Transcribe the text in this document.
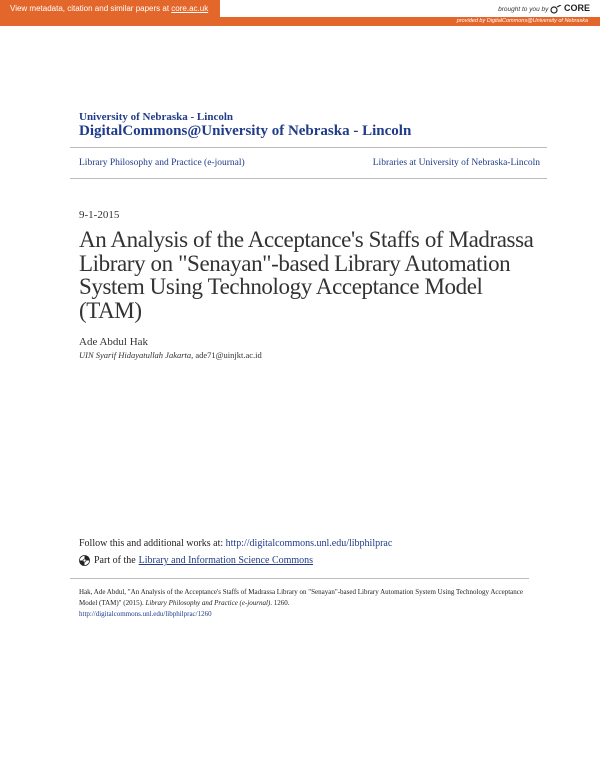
View metadata, citation and similar papers at core.ac.uk	brought to you by CORE
provided by DigitalCommons@University of Nebraska
University of Nebraska - Lincoln
DigitalCommons@University of Nebraska - Lincoln
Library Philosophy and Practice (e-journal)	Libraries at University of Nebraska-Lincoln
9-1-2015
An Analysis of the Acceptance's Staffs of Madrassa Library on "Senayan"-based Library Automation System Using Technology Acceptance Model (TAM)
Ade Abdul Hak
UIN Syarif Hidayatullah Jakarta, ade71@uinjkt.ac.id
Follow this and additional works at: http://digitalcommons.unl.edu/libphilprac
Part of the Library and Information Science Commons
Hak, Ade Abdul, "An Analysis of the Acceptance's Staffs of Madrassa Library on "Senayan"-based Library Automation System Using Technology Acceptance Model (TAM)" (2015). Library Philosophy and Practice (e-journal). 1260.
http://digitalcommons.unl.edu/libphilprac/1260
